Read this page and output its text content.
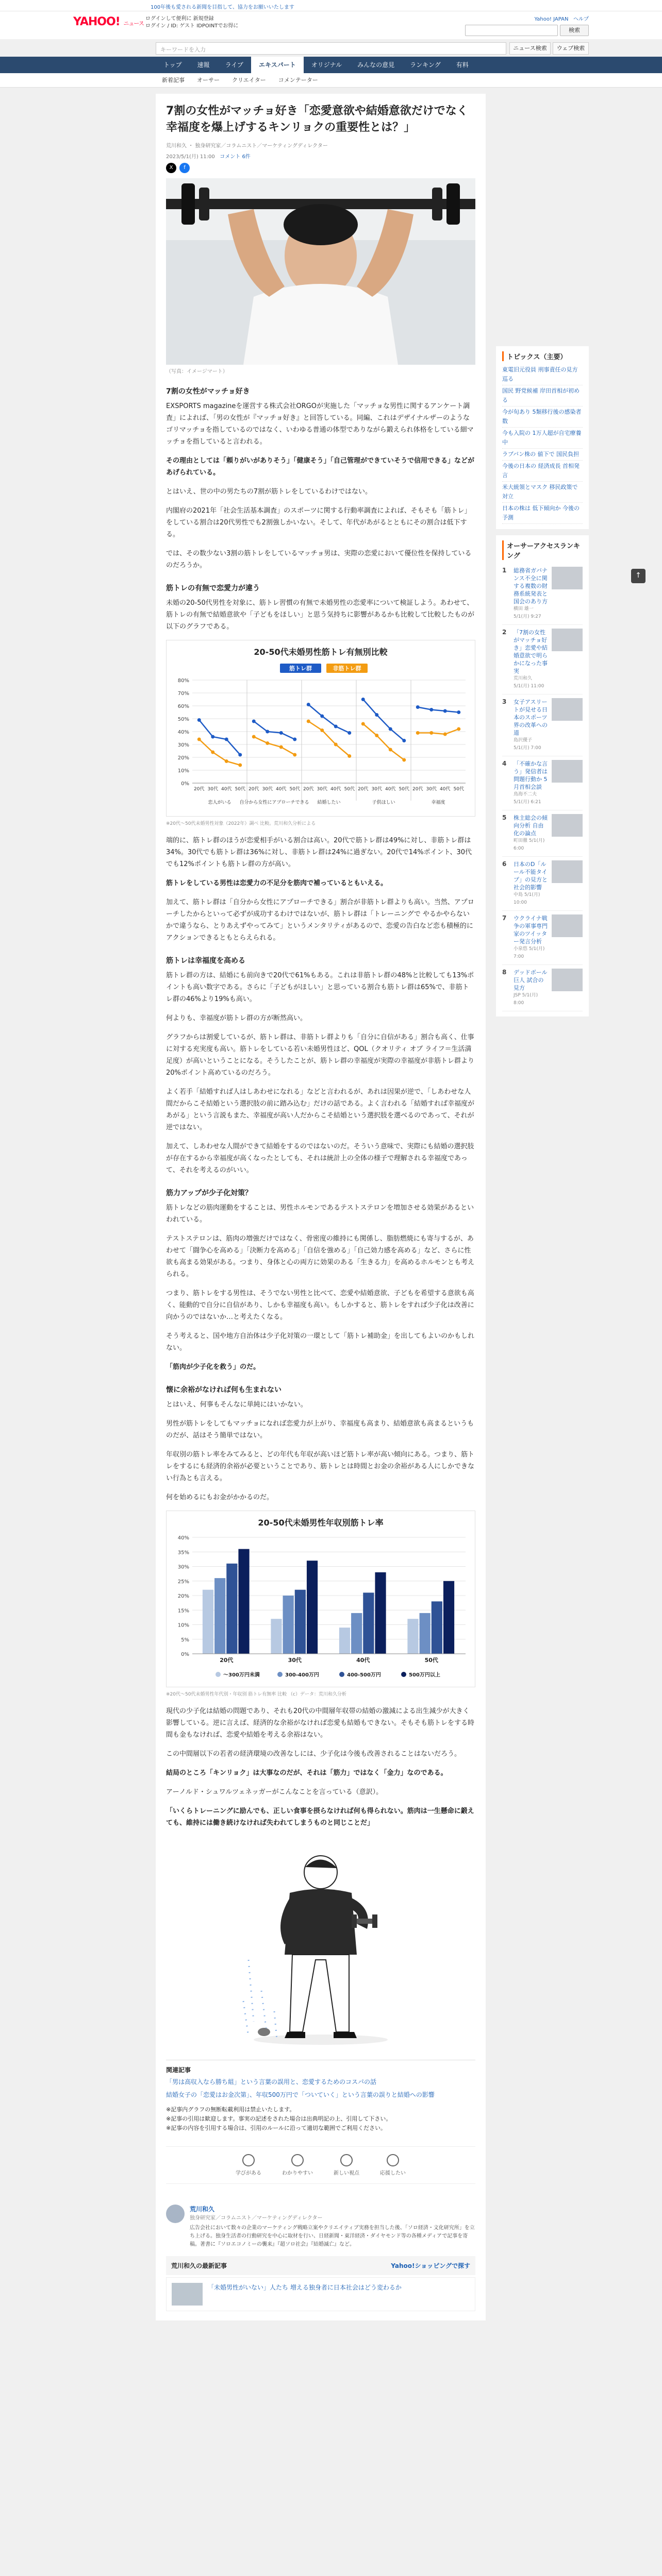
100年後も愛される新聞を目指して、協力をお願いいたします
YAHOO! ニュース
ログインして便利に 新規登録
ログイン / ID: ゲスト IDPOINTでお得に
Yahoo! JAPAN ヘルプ
検索
キーワードを入力	ニュース検索	ウェブ検索
トップ	速報	ライブ	エキスパート	オリジナル	みんなの意見	ランキング	有料
新着記事	オーサー	クリエイター	コメンテーター
7割の女性がマッチョ好き「恋愛意欲や結婚意欲だけでなく幸福度を爆上げするキンリョクの重要性とは？」
荒川和久 ・ 独身研究家／コラムニスト／マーケティングディレクター
2023/5/1(月) 11:00 コメント 6件
X	f
（写真：イメージマート）
7割の女性がマッチョ好き

EXSPORTS magazineを運営する株式会社ORGOが実施した「マッチョな男性に関するアンケート調査」によれば、「男の女性が『マッチョ好き』と回答している。同編、これはデザイナルザーのようなゴリマッチョを指しているのではなく、いわゆる普通の体型でありながら鍛えられ体格をしている細マッチョを指していると言われる。

その理由としては「頼りがいがありそう」「健康そう」「自己管理ができていそうで信用できる」などがあげられている。

とはいえ、世の中の男たちの7割が筋トレをしているわけではない。

内閣府の2021年「社会生活基本調査」のスポーツに関する行動率調査によれば、そもそも「筋トレ」をしている割合は20代男性でも2割強しかいない。そして、年代があがるとともにその割合は低下する。

では、その数少ない3割の筋トレをしているマッチョ男は、実際の恋愛において優位性を保持しているのだろうか。

筋トレの有無で恋愛力が違う

未婚の20-50代男性を対象に、筋トレ習慣の有無で未婚男性の恋愛率について検証しよう。あわせて、筋トレの有無で結婚意欲や「子どもをほしい」と思う気持ちに影響があるかも比較して比較したものが以下のグラフである。

20-50代未婚男性筋トレ有無別比較
筋トレ群	非筋トレ群
0%
10%
20%
30%
40%
50%
60%
70%
80%
20代 30代 40代 50代
恋人がいる
20代 30代 40代 50代
自分から女性にアプローチできる
20代 30代 40代 50代
結婚したい
20代 30代 40代 50代
子供ほしい
20代 30代 40代 50代
幸福度
※20代〜50代未婚男性対象（2022年）調べ 比較。荒川和久分析による

端的に、筋トレ群のほうが恋愛相手がいる割合は高い。20代で筋トレ群は49%に対し、非筋トレ群は34%。30代でも筋トレ群は36%に対し、非筋トレ群は24%に過ぎない。20代で14%ポイント、30代でも12%ポイントも筋トレ群の方が高い。

筋トレをしている男性は恋愛力の不足分を筋肉で補っているともいえる。

加えて、筋トレ群は「自分から女性にアプローチできる」割合が非筋トレ群よりも高い。当然、アプローチしたからといって必ずが成功するわけではないが、筋トレ群は「トレーニングで やるかやらないかで違うなら、とりあえずやってみて」というメンタリティがあるので、恋愛の告白など恋も積極的にアクションできるともとらえられる。

筋トレは幸福度を高める

筋トレ群の方は、結婚にも前向きで20代で61%もある。これは非筋トレ群の48%と比較しても13%ポイントも高い数字である。さらに「子どもがほしい」と思っている割合も筋トレ群は65%で、非筋トレ群の46%より19%も高い。

何よりも、幸福度が筋トレ群の方が断然高い。

グラフからは割愛しているが、筋トレ群は、非筋トレ群よりも「自分に自信がある」割合も高く、仕事に対する充実度も高い。筋トレをしている若い未婚男性ほど、QOL（クオリティ オブ ライフ＝生活満足度）が高いということになる。そうしたことが、筋トレ群の幸福度が実際の幸福度が非筋トレ群より20%ポイント高めているのだろう。

よく若手「結婚すれば人はしあわせになれる」などと言われるが、あれは因果が逆で、「しあわせな人間だからこそ結婚という選択肢の前に踏み込む」だけの話である。よく言われる「結婚すれば幸福度があがる」という言説もまた、幸福度が高い人だからこそ結婚という選択肢を選べるのであって、それが逆ではない。

加えて、しあわせな人間ができて結婚をするのではないのだ。そういう意味で、実際にも結婚の選択肢が存在するから幸福度が高くなったとしても、それは統計上の全体の様子で理解される幸福度であって、それを考えるのがいい。

筋力アップが少子化対策？

筋トレなどの筋肉運動をすることは、男性ホルモンであるテストステロンを増加させる効果があるといわれている。

テストステロンは、筋肉の増強だけではなく、骨密度の維持にも関係し、脂肪燃焼にも寄与するが、あわせて「闘争心を高める」「決断力を高める」「自信を強める」「自己効力感を高める」など、さらに性欲も高まる効果がある。つまり、身体と心の両方に効果のある「生きる力」を高めるホルモンとも考えられる。

つまり、筋トレをする男性は、そうでない男性と比べて、恋愛や結婚意欲、子どもを希望する意欲も高く、能動的で自分に自信があり、しかも幸福度も高い。もしかすると、筋トレをすれば少子化は改善に向かうのではないか…と考えたくなる。

そう考えると、国や地方自治体は少子化対策の一環として「筋トレ補助金」を出してもよいのかもしれない。

「筋肉が少子化を救う」のだ。

懐に余裕がなければ何も生まれない

とはいえ、何事もそんなに単純にはいかない。

男性が筋トレをしてもマッチョになれば恋愛力が上がり、幸福度も高まり、結婚意欲も高まるというものだが、話はそう簡単ではない。

年収別の筋トレ率をみてみると、どの年代も年収が高いほど筋トレ率が高い傾向にある。つまり、筋トレをするにも経済的余裕が必要ということであり、筋トレとは時間とお金の余裕がある人にしかできない行為とも言える。

何を始めるにもお金がかかるのだ。

20-50代未婚男性年収別筋トレ率
0%
5%
10%
15%
20%
25%
30%
35%
40%
20代	30代	40代	50代
～300万円未満	300-400万円	400-500万円	500万円以上
※20代〜50代未婚男性年代別・年収別 筋トレ有無率 比較 （c）データ：荒川和久分析

現代の少子化は結婚の問題であり、それも20代の中間層年収帯の結婚の激減による出生減少が大きく影響している。逆に言えば、経済的な余裕がなければ恋愛も結婚もできない。そもそも筋トレをする時間も金もなければ、恋愛や結婚を考える余裕はない。

この中間層以下の若者の経済環境の改善なしには、少子化は今後も改善されることはないだろう。

結局のところ「キンリョク」は大事なのだが、それは「筋力」ではなく「金力」なのである。

アーノルド・シュワルツェネッガーがこんなことを言っている（意訳）。

「いくらトレーニングに励んでも、正しい食事を摂らなければ何も得られない。筋肉は一生懸命に鍛えても、維持には働き続けなければ失われてしまうものと同じことだ」

関連記事
「男は高収入なら勝ち組」という言葉の誤用と、恋愛するためのコスパの話
結婚女子の「恋愛はお金次第」、年収500万円で「ついていく」という言葉の誤りと結婚への影響

※記事内グラフの無断転載利用は禁止いたします。

※記事の引用は歓迎します。事実の記述をされた場合は出典明記の上、引用して下さい。

※記事の内容を引用する場合は、引用のルールに沿って適切な範囲でご利用ください。

学びがある	わかりやすい	新しい視点	応援したい
荒川和久
独身研究家／コラムニスト／マーケティングディレクター
広告会社において数々の企業のマーケティング戦略立案やクリエイティブ実務を担当した後、「ソロ経済・文化研究所」を立ち上げる。独身生活者の行動研究を中心に取材を行い、日経新聞・東洋経済・ダイヤモンド等の各種メディアで記事を寄稿。著書に『ソロエコノミーの襲来』『超ソロ社会』『結婚滅亡』など。
荒川和久の最新記事	Yahoo!ショッピングで探す
「未婚男性がいない」人たち 増える独身者に日本社会はどう変わるか
トピックス（主要）
東電旧元役員 刑事責任の見方巡る
国民 野党候補 岸田首相が初める
今が旬あり 5類移行後の感染者数
今も入院の 1万人超が自宅療養中
ラブバン株の 値下で 国民負担
今後の日本の 経済成長 首相発言
米大統領とマスク 移民政策で対立
日本の株は 低下傾向か 今後の予測
オーサーアクセスランキング
1	総務省ガバナンス不全に関する複数の財務系統発表と国会のあり方
横田 雄一 5/1(月) 9:27
2	「7割の女性がマッチョ好き」恋愛や結婚意欲で明らかになった事実
荒川和久 5/1(月) 11:00
3	女子アスリートが見せる日本のスポーツ界の改革への道
島沢優子 5/1(月) 7:00
4	「不確かな言う」発信者は問題行動か 5月首相会談
鳥海不二夫 5/1(月) 6:21
5	株主総会の傾向分析 自由化の論点
町田徹 5/1(月) 6:00
6	日本のD「ルール不能タイプ」の見方と社会的影響
中島 5/1(月) 10:00
7	ウクライナ戦争の軍事専門家のツイッター発言分析
小泉悠 5/1(月) 7:00
8	デッドボール 巨人 試合の見方
JSP 5/1(月) 8:00
↑
